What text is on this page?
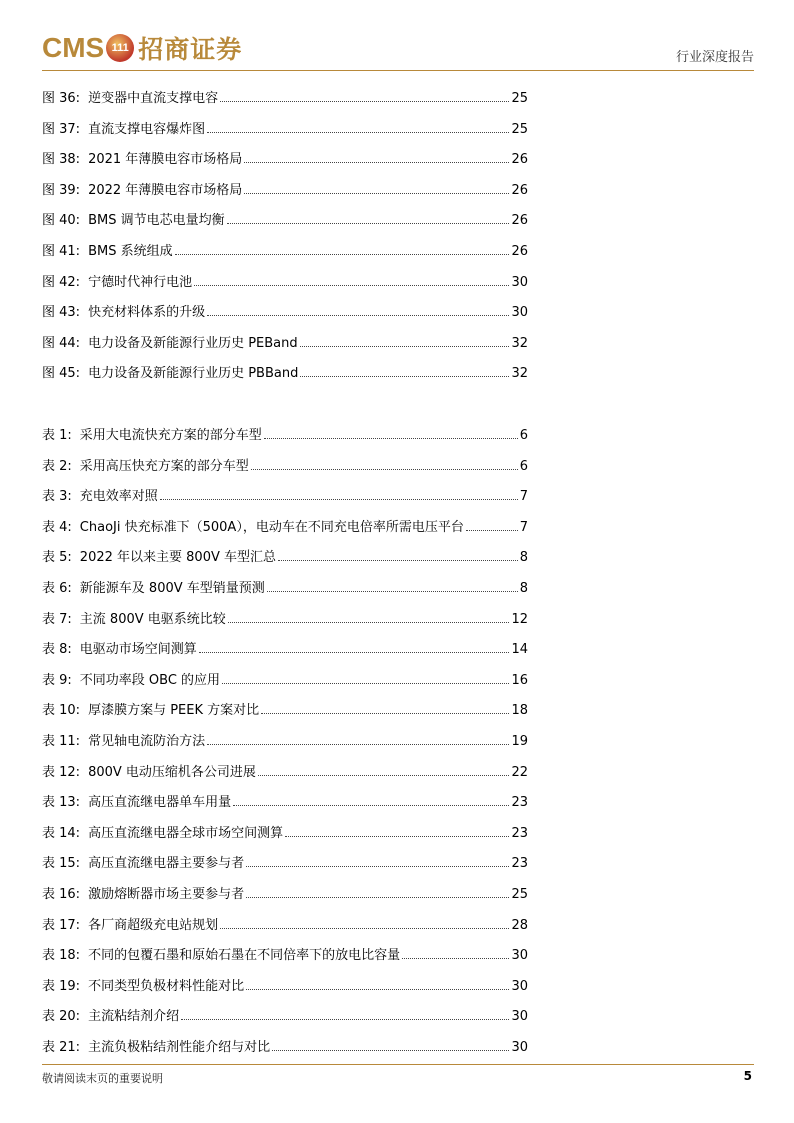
CMS 111 招商证券	行业深度报告
图 36: 逆变器中直流支撑电容	25
图 37: 直流支撑电容爆炸图	25
图 38: 2021 年薄膜电容市场格局	26
图 39: 2022 年薄膜电容市场格局	26
图 40: BMS 调节电芯电量均衡	26
图 41: BMS 系统组成	26
图 42: 宁德时代神行电池	30
图 43: 快充材料体系的升级	30
图 44: 电力设备及新能源行业历史 PEBand	32
图 45: 电力设备及新能源行业历史 PBBand	32
表 1: 采用大电流快充方案的部分车型	6
表 2: 采用高压快充方案的部分车型	6
表 3: 充电效率对照	7
表 4: ChaoJi 快充标准下（500A），电动车在不同充电倍率所需电压平台	7
表 5: 2022 年以来主要 800V 车型汇总	8
表 6: 新能源车及 800V 车型销量预测	8
表 7: 主流 800V 电驱系统比较	12
表 8: 电驱动市场空间测算	14
表 9: 不同功率段 OBC 的应用	16
表 10: 厚漆膜方案与 PEEK 方案对比	18
表 11: 常见轴电流防治方法	19
表 12: 800V 电动压缩机各公司进展	22
表 13: 高压直流继电器单车用量	23
表 14: 高压直流继电器全球市场空间测算	23
表 15: 高压直流继电器主要参与者	23
表 16: 激励熔断器市场主要参与者	25
表 17: 各厂商超级充电站规划	28
表 18: 不同的包覆石墨和原始石墨在不同倍率下的放电比容量	30
表 19: 不同类型负极材料性能对比	30
表 20: 主流粘结剂介绍	30
表 21: 主流负极粘结剂性能介绍与对比	30
敬请阅读末页的重要说明	5
